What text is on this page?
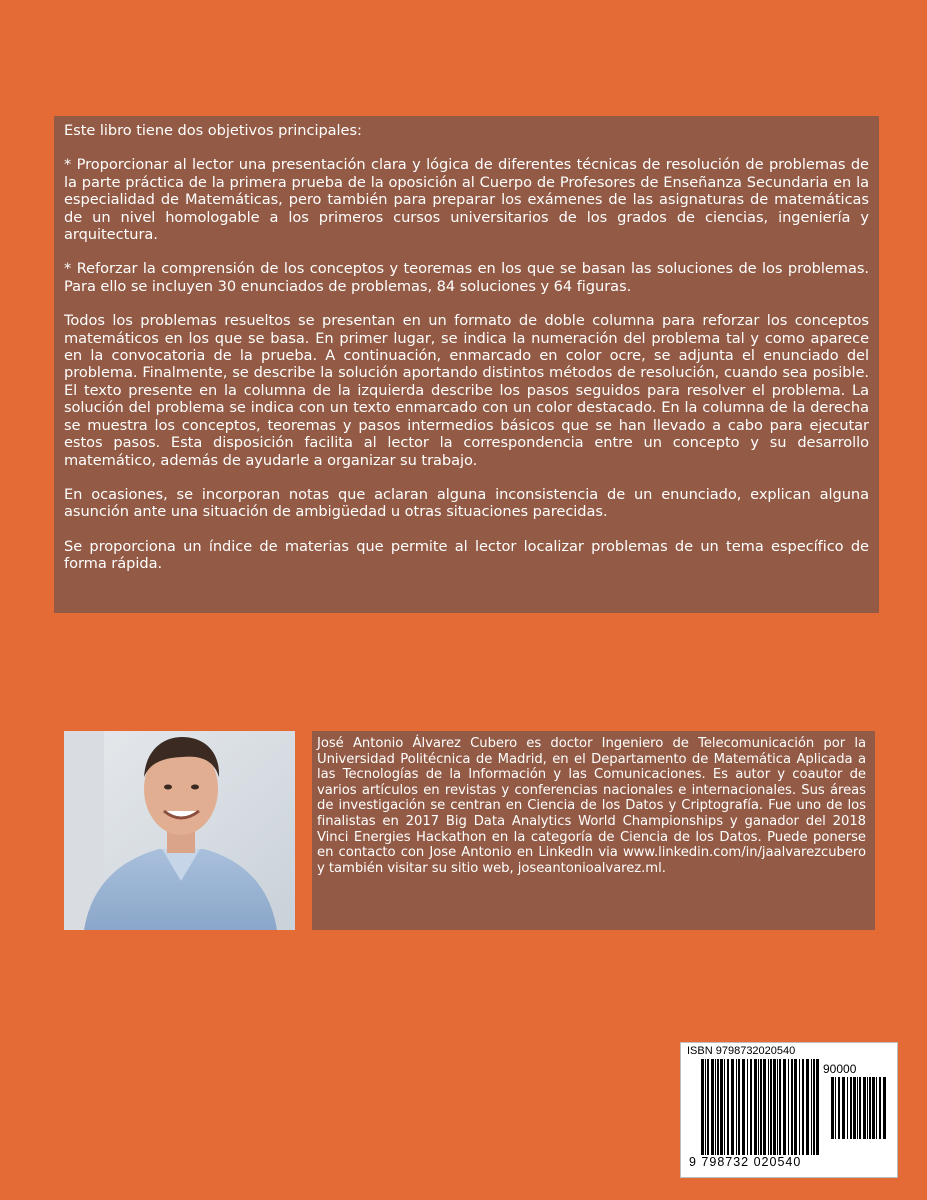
Este libro tiene dos objetivos principales:

* Proporcionar al lector una presentación clara y lógica de diferentes técnicas de resolución de problemas de la parte práctica de la primera prueba de la oposición al Cuerpo de Profesores de Enseñanza Secundaria en la especialidad de Matemáticas, pero también para preparar los exámenes de las asignaturas de matemáticas de un nivel homologable a los primeros cursos universitarios de los grados de ciencias, ingeniería y arquitectura.

* Reforzar la comprensión de los conceptos y teoremas en los que se basan las soluciones de los problemas. Para ello se incluyen 30 enunciados de problemas, 84 soluciones y 64 figuras.

Todos los problemas resueltos se presentan en un formato de doble columna para reforzar los conceptos matemáticos en los que se basa. En primer lugar, se indica la numeración del problema tal y como aparece en la convocatoria de la prueba. A continuación, enmarcado en color ocre, se adjunta el enunciado del problema. Finalmente, se describe la solución aportando distintos métodos de resolución, cuando sea posible. El texto presente en la columna de la izquierda describe los pasos seguidos para resolver el problema. La solución del problema se indica con un texto enmarcado con un color destacado. En la columna de la derecha se muestra los conceptos, teoremas y pasos intermedios básicos que se han llevado a cabo para ejecutar estos pasos. Esta disposición facilita al lector la correspondencia entre un concepto y su desarrollo matemático, además de ayudarle a organizar su trabajo.

En ocasiones, se incorporan notas que aclaran alguna inconsistencia de un enunciado, explican alguna asunción ante una situación de ambigüedad u otras situaciones parecidas.

Se proporciona un índice de materias que permite al lector localizar problemas de un tema específico de forma rápida.

José Antonio Álvarez Cubero es doctor Ingeniero de Telecomunicación por la Universidad Politécnica de Madrid, en el Departamento de Matemática Aplicada a las Tecnologías de la Información y las Comunicaciones. Es autor y coautor de varios artículos en revistas y conferencias nacionales e internacionales. Sus áreas de investigación se centran en Ciencia de los Datos y Criptografía. Fue uno de los finalistas en 2017 Big Data Analytics World Championships y ganador del 2018 Vinci Energies Hackathon en la categoría de Ciencia de los Datos. Puede ponerse en contacto con Jose Antonio en LinkedIn via www.linkedin.com/in/jaalvarezcubero y también visitar su sitio web, joseantonioalvarez.ml.

ISBN 9798732020540
90000
9 798732 020540
